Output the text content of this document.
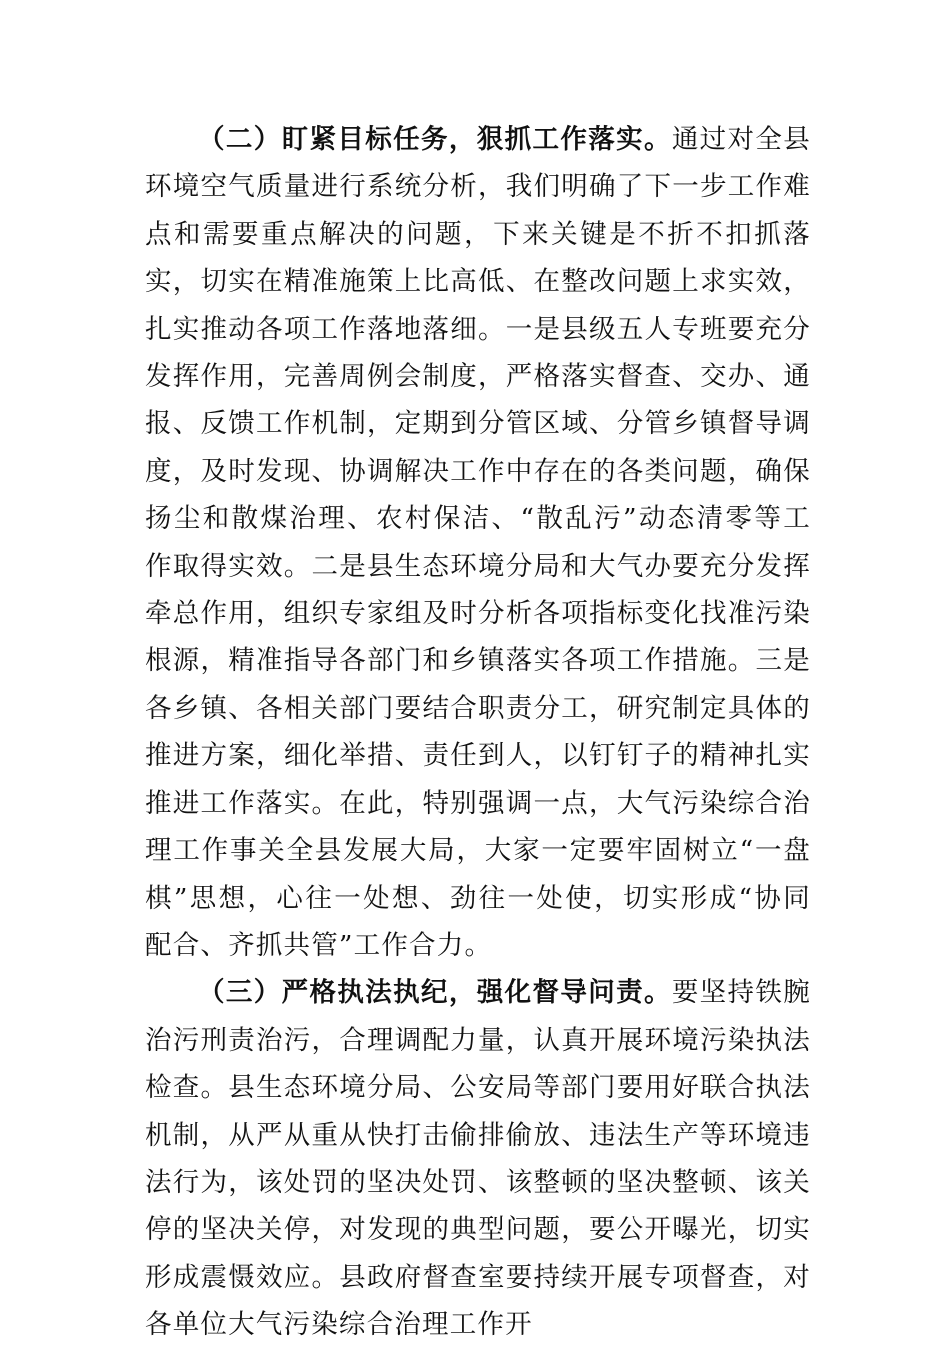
（二）盯紧目标任务，狠抓工作落实。通过对全县环境空气质量进行系统分析，我们明确了下一步工作难点和需要重点解决的问题，下来关键是不折不扣抓落实，切实在精准施策上比高低、在整改问题上求实效，扎实推动各项工作落地落细。一是县级五人专班要充分发挥作用，完善周例会制度，严格落实督查、交办、通报、反馈工作机制，定期到分管区域、分管乡镇督导调度，及时发现、协调解决工作中存在的各类问题，确保扬尘和散煤治理、农村保洁、“散乱污”动态清零等工作取得实效。二是县生态环境分局和大气办要充分发挥牵总作用，组织专家组及时分析各项指标变化找准污染根源，精准指导各部门和乡镇落实各项工作措施。三是各乡镇、各相关部门要结合职责分工，研究制定具体的推进方案，细化举措、责任到人，以钉钉子的精神扎实推进工作落实。在此，特别强调一点，大气污染综合治理工作事关全县发展大局，大家一定要牢固树立“一盘棋”思想，心往一处想、劲往一处使，切实形成“协同配合、齐抓共管”工作合力。

（三）严格执法执纪，强化督导问责。要坚持铁腕治污刑责治污，合理调配力量，认真开展环境污染执法检查。县生态环境分局、公安局等部门要用好联合执法机制，从严从重从快打击偷排偷放、违法生产等环境违法行为，该处罚的坚决处罚、该整顿的坚决整顿、该关停的坚决关停，对发现的典型问题，要公开曝光，切实形成震慑效应。县政府督查室要持续开展专项督查，对各单位大气污染综合治理工作开
